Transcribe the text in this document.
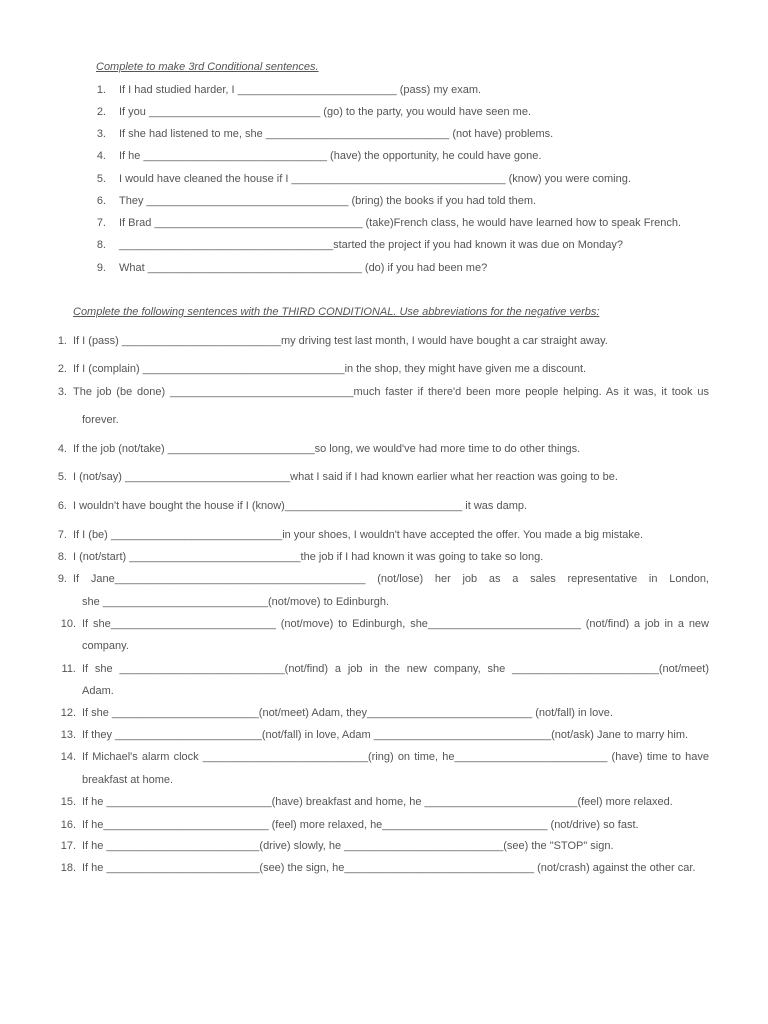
Complete to make 3rd Conditional sentences.
1. If I had studied harder, I __________________________ (pass) my exam.
2. If you ____________________________ (go) to the party, you would have seen me.
3. If she had listened to me, she ______________________________ (not have) problems.
4. If he ______________________________ (have) the opportunity, he could have gone.
5. I would have cleaned the house if I ___________________________________ (know) you were coming.
6. They _________________________________ (bring) the books if you had told them.
7. If Brad __________________________________ (take)French class, he would have learned how to speak French.
8. ___________________________________started the project if you had known it was due on Monday?
9. What ___________________________________ (do) if you had been me?
Complete the following sentences with the THIRD CONDITIONAL. Use abbreviations for the negative verbs:
1. If I (pass) __________________________my driving test last month, I would have bought a car straight away.
2. If I (complain) _________________________________in the shop, they might have given me a discount.
3. The job (be done) ______________________________much faster if there'd been more people helping. As it was, it took us
forever.
4. If the job (not/take) ________________________so long, we would've had more time to do other things.
5. I (not/say) ___________________________what I said if I had known earlier what her reaction was going to be.
6. I wouldn't have bought the house if I (know)_____________________________ it was damp.
7. If I (be) ____________________________in your shoes, I wouldn't have accepted the offer. You made a big mistake.
8. I (not/start) ____________________________the job if I had known it was going to take so long.
9. If Jane_________________________________________ (not/lose) her job as a sales representative in London,
she ___________________________(not/move) to Edinburgh.
10. If she___________________________ (not/move) to Edinburgh, she_________________________ (not/find) a job in a new
company.
11. If she ___________________________(not/find) a job in the new company, she ________________________(not/meet)
Adam.
12. If she ________________________(not/meet) Adam, they___________________________ (not/fall) in love.
13. If they ________________________(not/fall) in love, Adam _____________________________(not/ask) Jane to marry him.
14. If Michael's alarm clock ___________________________(ring) on time, he_________________________ (have) time to have
breakfast at home.
15. If he ___________________________(have) breakfast and home, he _________________________(feel) more relaxed.
16. If he___________________________ (feel) more relaxed, he___________________________ (not/drive) so fast.
17. If he _________________________(drive) slowly, he __________________________(see) the "STOP" sign.
18. If he _________________________(see) the sign, he_______________________________ (not/crash) against the other car.
